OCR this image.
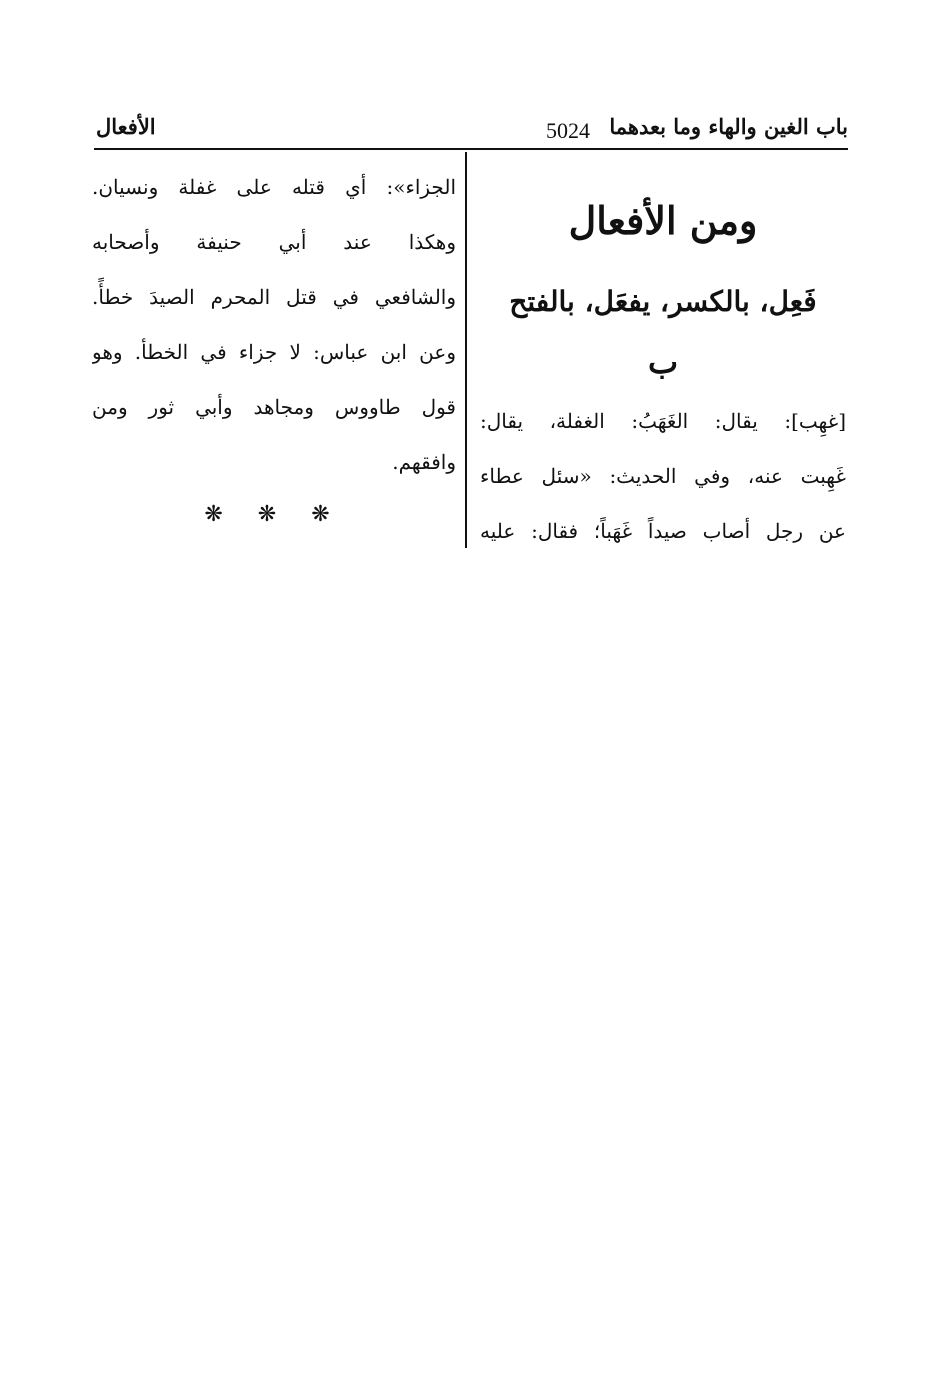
باب الغين والهاء وما بعدهما
5024
الأفعال
ومن الأفعال
فَعِل، بالكسر، يفعَل، بالفتح
ب
[غهِب]: يقال: الغَهَبُ: الغفلة، يقال:
غَهِبت عنه، وفي الحديث: «سئل عطاء
عن رجل أصاب صيداً غَهَباً؛ فقال: عليه
الجزاء»: أي قتله على غفلة ونسيان.
وهكذا عند أبي حنيفة وأصحابه
والشافعي في قتل المحرم الصيدَ خطأً.
وعن ابن عباس: لا جزاء في الخطأ. وهو
قول طاووس ومجاهد وأبي ثور ومن
وافقهم.
❋ ❋ ❋
